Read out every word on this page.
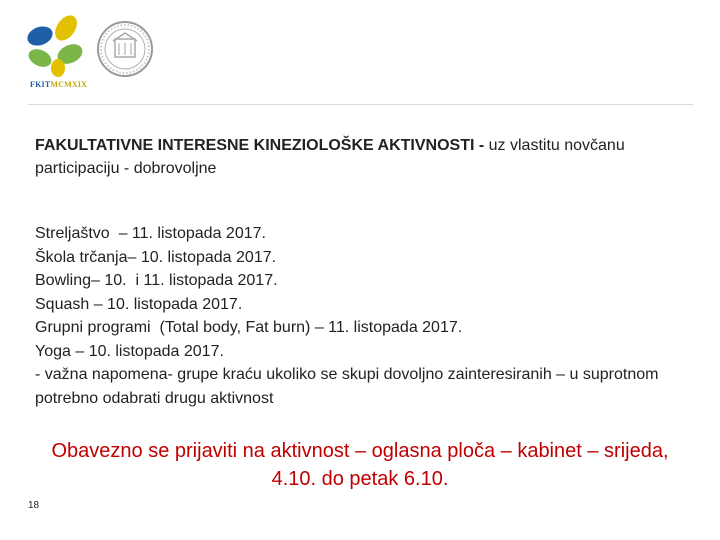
FKITMCMXIX
FAKULTATIVNE INTERESNE KINEZIOLOŠKE AKTIVNOSTI - uz vlastitu novčanu participaciju - dobrovoljne
Streljaštvo  – 11. listopada 2017.
Škola trčanja– 10. listopada 2017.
Bowling– 10.  i 11. listopada 2017.
Squash – 10. listopada 2017.
Grupni programi  (Total body, Fat burn) – 11. listopada 2017.
Yoga – 10. listopada 2017.
- važna napomena- grupe kraću ukoliko se skupi dovoljno zainteresiranih – u suprotnom potrebno odabrati drugu aktivnost
Obavezno se prijaviti na aktivnost – oglasna ploča – kabinet – srijeda, 4.10. do petak 6.10.
18
